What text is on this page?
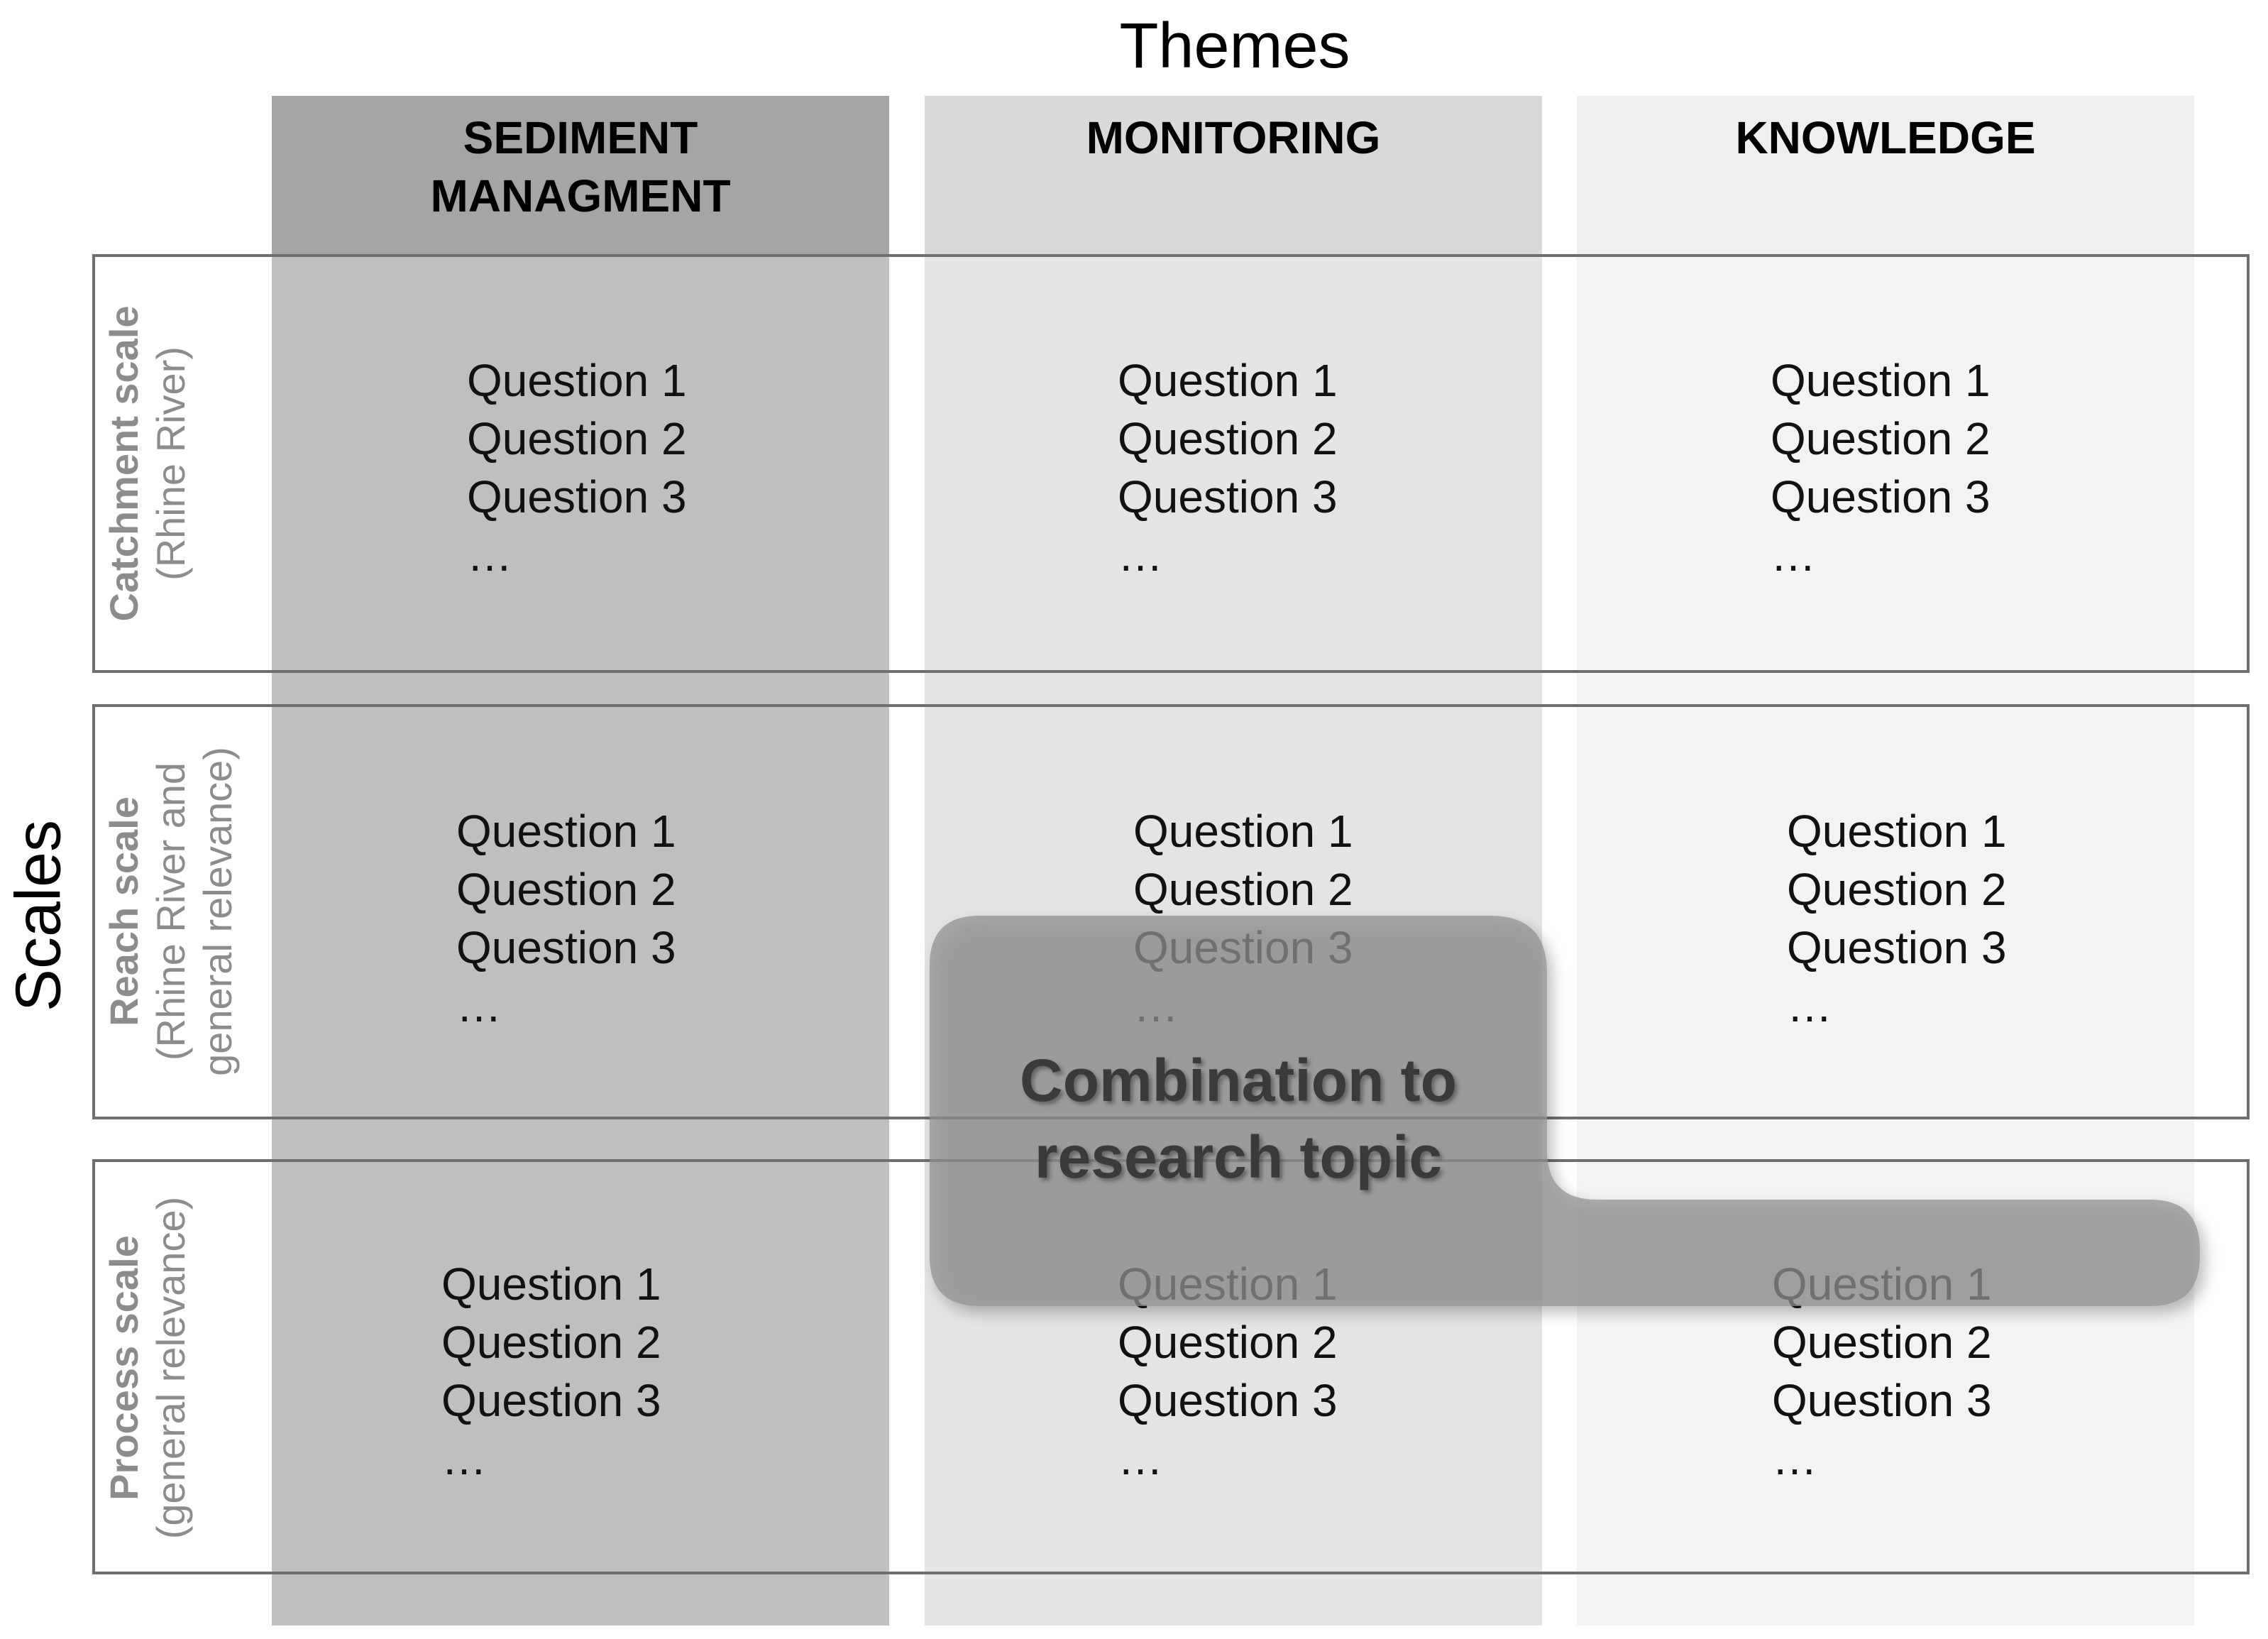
Themes
Scales
SEDIMENT
MANAGMENT
MONITORING	KNOWLEDGE
Catchment scale (Rhine River)
Reach scale (Rhine River and general relevance)
Process scale (general relevance)
Question 1
Question 2
Question 3
…
Question 1
Question 2
Question 3
…
Question 1
Question 2
Question 3
…
Question 1
Question 2
Question 3
…
Question 1
Question 2
Question 1
Question 2
Question 3
…
Question 1
Question 2
Question 3
…
Question 2
Question 3
…
Question 2
Question 3
…
Combination to
research topic
